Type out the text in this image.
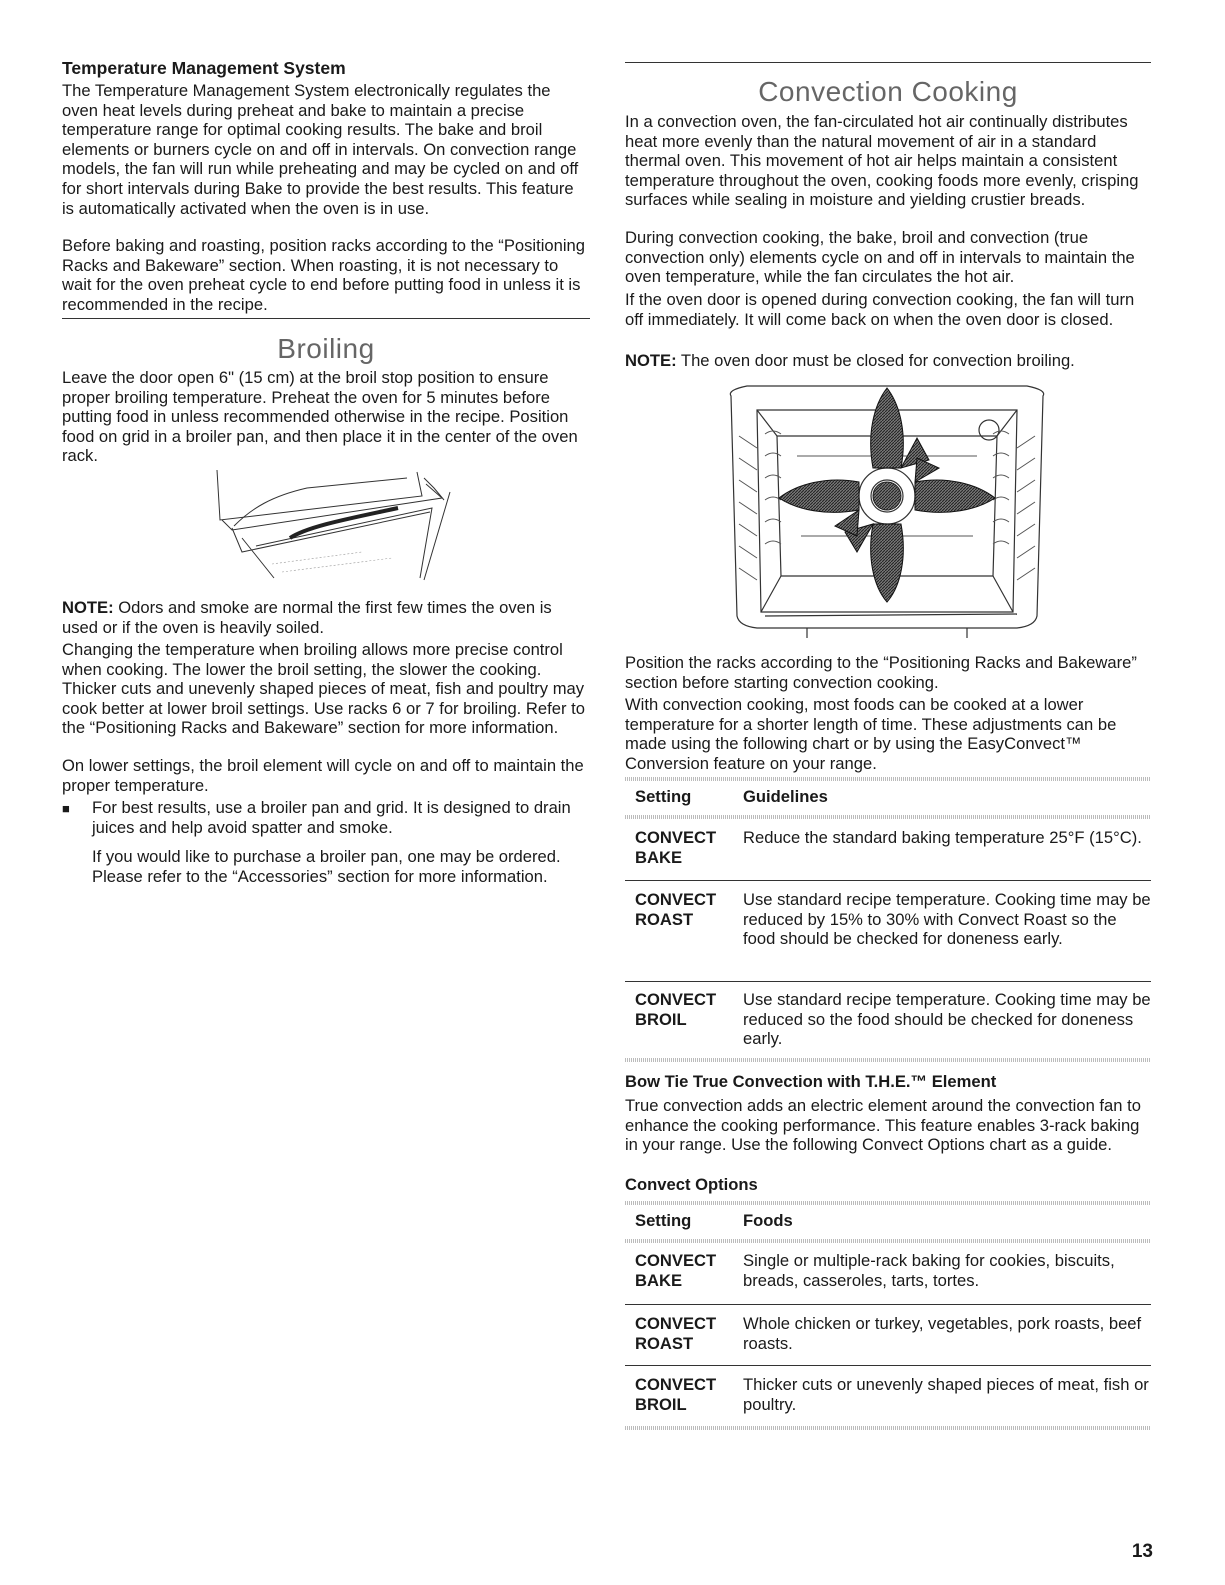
Temperature Management System

The Temperature Management System electronically regulates the oven heat levels during preheat and bake to maintain a precise temperature range for optimal cooking results. The bake and broil elements or burners cycle on and off in intervals. On convection range models, the fan will run while preheating and may be cycled on and off for short intervals during Bake to provide the best results. This feature is automatically activated when the oven is in use.

Before baking and roasting, position racks according to the “Positioning Racks and Bakeware” section. When roasting, it is not necessary to wait for the oven preheat cycle to end before putting food in unless it is recommended in the recipe.

Broiling

Leave the door open 6" (15 cm) at the broil stop position to ensure proper broiling temperature. Preheat the oven for 5 minutes before putting food in unless recommended otherwise in the recipe. Position food on grid in a broiler pan, and then place it in the center of the oven rack.

NOTE: Odors and smoke are normal the first few times the oven is used or if the oven is heavily soiled.

Changing the temperature when broiling allows more precise control when cooking. The lower the broil setting, the slower the cooking. Thicker cuts and unevenly shaped pieces of meat, fish and poultry may cook better at lower broil settings. Use racks 6 or 7 for broiling. Refer to the “Positioning Racks and Bakeware” section for more information.

On lower settings, the broil element will cycle on and off to maintain the proper temperature.

■	For best results, use a broiler pan and grid. It is designed to drain juices and help avoid spatter and smoke.

If you would like to purchase a broiler pan, one may be ordered. Please refer to the “Accessories” section for more information.

Convection Cooking

In a convection oven, the fan-circulated hot air continually distributes heat more evenly than the natural movement of air in a standard thermal oven. This movement of hot air helps maintain a consistent temperature throughout the oven, cooking foods more evenly, crisping surfaces while sealing in moisture and yielding crustier breads.

During convection cooking, the bake, broil and convection (true convection only) elements cycle on and off in intervals to maintain the oven temperature, while the fan circulates the hot air.

If the oven door is opened during convection cooking, the fan will turn off immediately. It will come back on when the oven door is closed.

NOTE: The oven door must be closed for convection broiling.

Position the racks according to the “Positioning Racks and Bakeware” section before starting convection cooking.

With convection cooking, most foods can be cooked at a lower temperature for a shorter length of time. These adjustments can be made using the following chart or by using the EasyConvect™ Conversion feature on your range.

Setting	Guidelines
CONVECT
BAKE	Reduce the standard baking temperature 25°F (15°C).
CONVECT
ROAST	Use standard recipe temperature. Cooking time may be reduced by 15% to 30% with Convect Roast so the food should be checked for doneness early.
CONVECT
BROIL	Use standard recipe temperature. Cooking time may be reduced so the food should be checked for doneness early.
Bow Tie True Convection with T.H.E.™ Element

True convection adds an electric element around the convection fan to enhance the cooking performance. This feature enables 3-rack baking in your range. Use the following Convect Options chart as a guide.

Convect Options
Setting	Foods
CONVECT
BAKE	Single or multiple-rack baking for cookies, biscuits, breads, casseroles, tarts, tortes.
CONVECT
ROAST	Whole chicken or turkey, vegetables, pork roasts, beef roasts.
CONVECT
BROIL	Thicker cuts or unevenly shaped pieces of meat, fish or poultry.
13
